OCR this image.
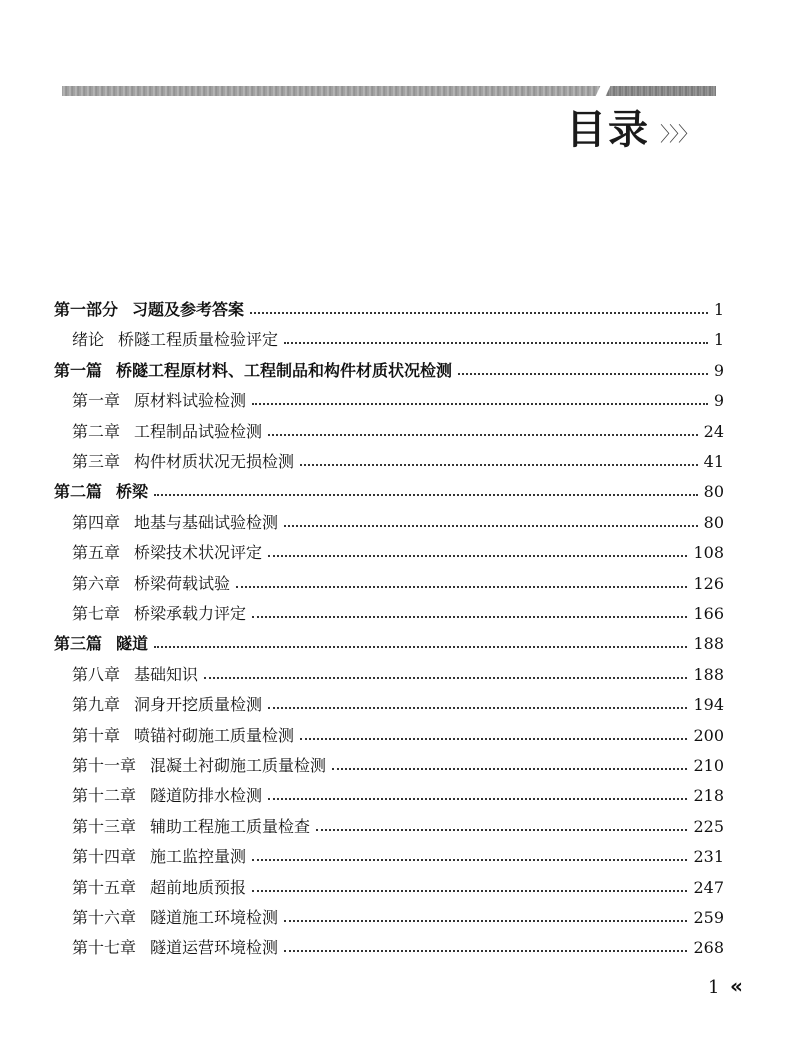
目录 〉〉〉
第一部分 习题及参考答案	1
绪论 桥隧工程质量检验评定	1
第一篇 桥隧工程原材料、工程制品和构件材质状况检测	9
第一章 原材料试验检测	9
第二章 工程制品试验检测	24
第三章 构件材质状况无损检测	41
第二篇 桥梁	80
第四章 地基与基础试验检测	80
第五章 桥梁技术状况评定	108
第六章 桥梁荷载试验	126
第七章 桥梁承载力评定	166
第三篇 隧道	188
第八章 基础知识	188
第九章 洞身开挖质量检测	194
第十章 喷锚衬砌施工质量检测	200
第十一章 混凝土衬砌施工质量检测	210
第十二章 隧道防排水检测	218
第十三章 辅助工程施工质量检查	225
第十四章 施工监控量测	231
第十五章 超前地质预报	247
第十六章 隧道施工环境检测	259
第十七章 隧道运营环境检测	268
1 «
